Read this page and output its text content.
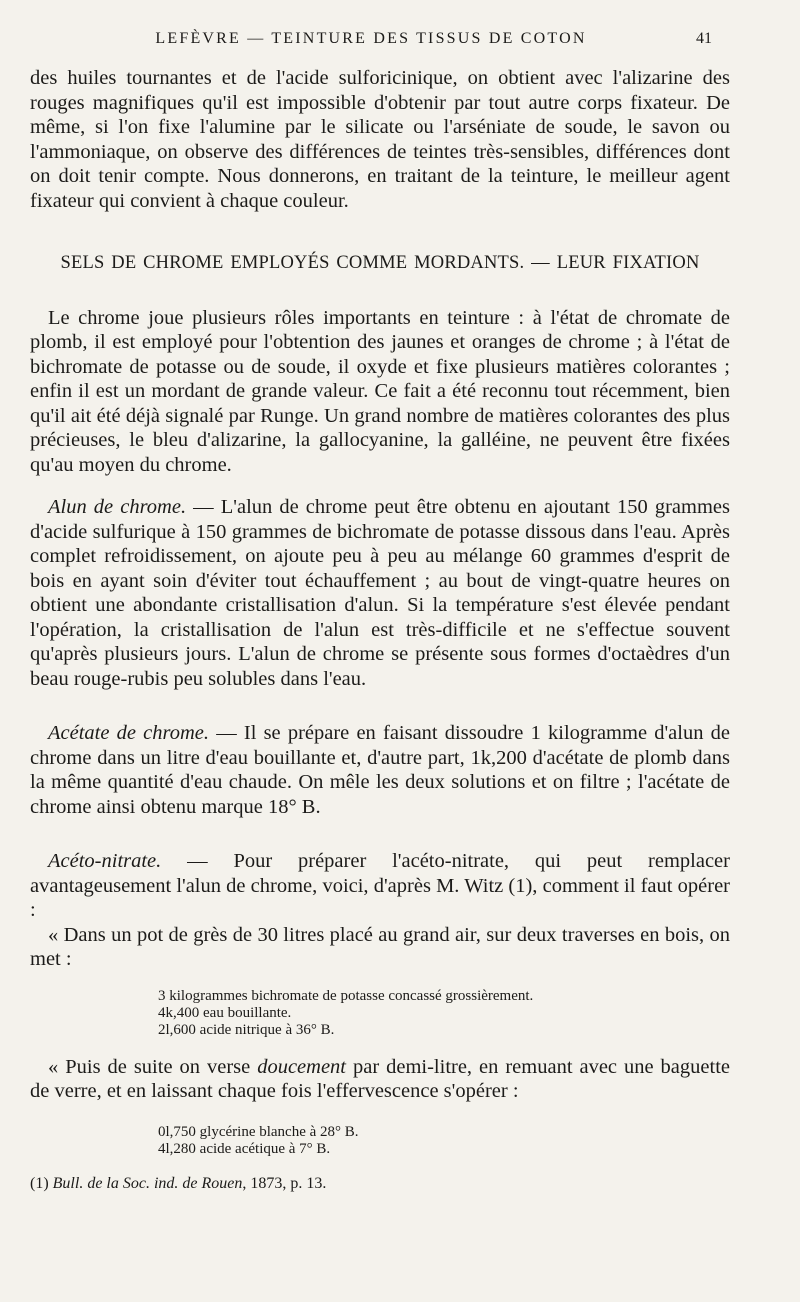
LEFÈVRE — TEINTURE DES TISSUS DE COTON	41

des huiles tournantes et de l'acide sulforicinique, on obtient avec l'alizarine des rouges magnifiques qu'il est impossible d'obtenir par tout autre corps fixateur. De même, si l'on fixe l'alumine par le silicate ou l'arséniate de soude, le savon ou l'ammoniaque, on observe des différences de teintes très-sensibles, différences dont on doit tenir compte. Nous donnerons, en traitant de la teinture, le meilleur agent fixateur qui convient à chaque couleur.

SELS DE CHROME EMPLOYÉS COMME MORDANTS. — LEUR FIXATION

Le chrome joue plusieurs rôles importants en teinture : à l'état de chromate de plomb, il est employé pour l'obtention des jaunes et oranges de chrome ; à l'état de bichromate de potasse ou de soude, il oxyde et fixe plusieurs matières colorantes ; enfin il est un mordant de grande valeur. Ce fait a été reconnu tout récemment, bien qu'il ait été déjà signalé par Runge. Un grand nombre de matières colorantes des plus précieuses, le bleu d'alizarine, la gallocyanine, la galléine, ne peuvent être fixées qu'au moyen du chrome.

Alun de chrome. — L'alun de chrome peut être obtenu en ajoutant 150 grammes d'acide sulfurique à 150 grammes de bichromate de potasse dissous dans l'eau. Après complet refroidissement, on ajoute peu à peu au mélange 60 grammes d'esprit de bois en ayant soin d'éviter tout échauffement ; au bout de vingt-quatre heures on obtient une abondante cristallisation d'alun. Si la température s'est élevée pendant l'opération, la cristallisation de l'alun est très-difficile et ne s'effectue souvent qu'après plusieurs jours. L'alun de chrome se présente sous formes d'octaèdres d'un beau rouge-rubis peu solubles dans l'eau.

Acétate de chrome. — Il se prépare en faisant dissoudre 1 kilogramme d'alun de chrome dans un litre d'eau bouillante et, d'autre part, 1k,200 d'acétate de plomb dans la même quantité d'eau chaude. On mêle les deux solutions et on filtre ; l'acétate de chrome ainsi obtenu marque 18° B.

Acéto-nitrate. — Pour préparer l'acéto-nitrate, qui peut remplacer avantageusement l'alun de chrome, voici, d'après M. Witz (1), comment il faut opérer :

« Dans un pot de grès de 30 litres placé au grand air, sur deux traverses en bois, on met :

3 kilogrammes bichromate de potasse concassé grossièrement.
4k,400 eau bouillante.
2l,600 acide nitrique à 36° B.

« Puis de suite on verse doucement par demi-litre, en remuant avec une baguette de verre, et en laissant chaque fois l'effervescence s'opérer :

0l,750 glycérine blanche à 28° B.
4l,280 acide acétique à 7° B.

(1) Bull. de la Soc. ind. de Rouen, 1873, p. 13.
